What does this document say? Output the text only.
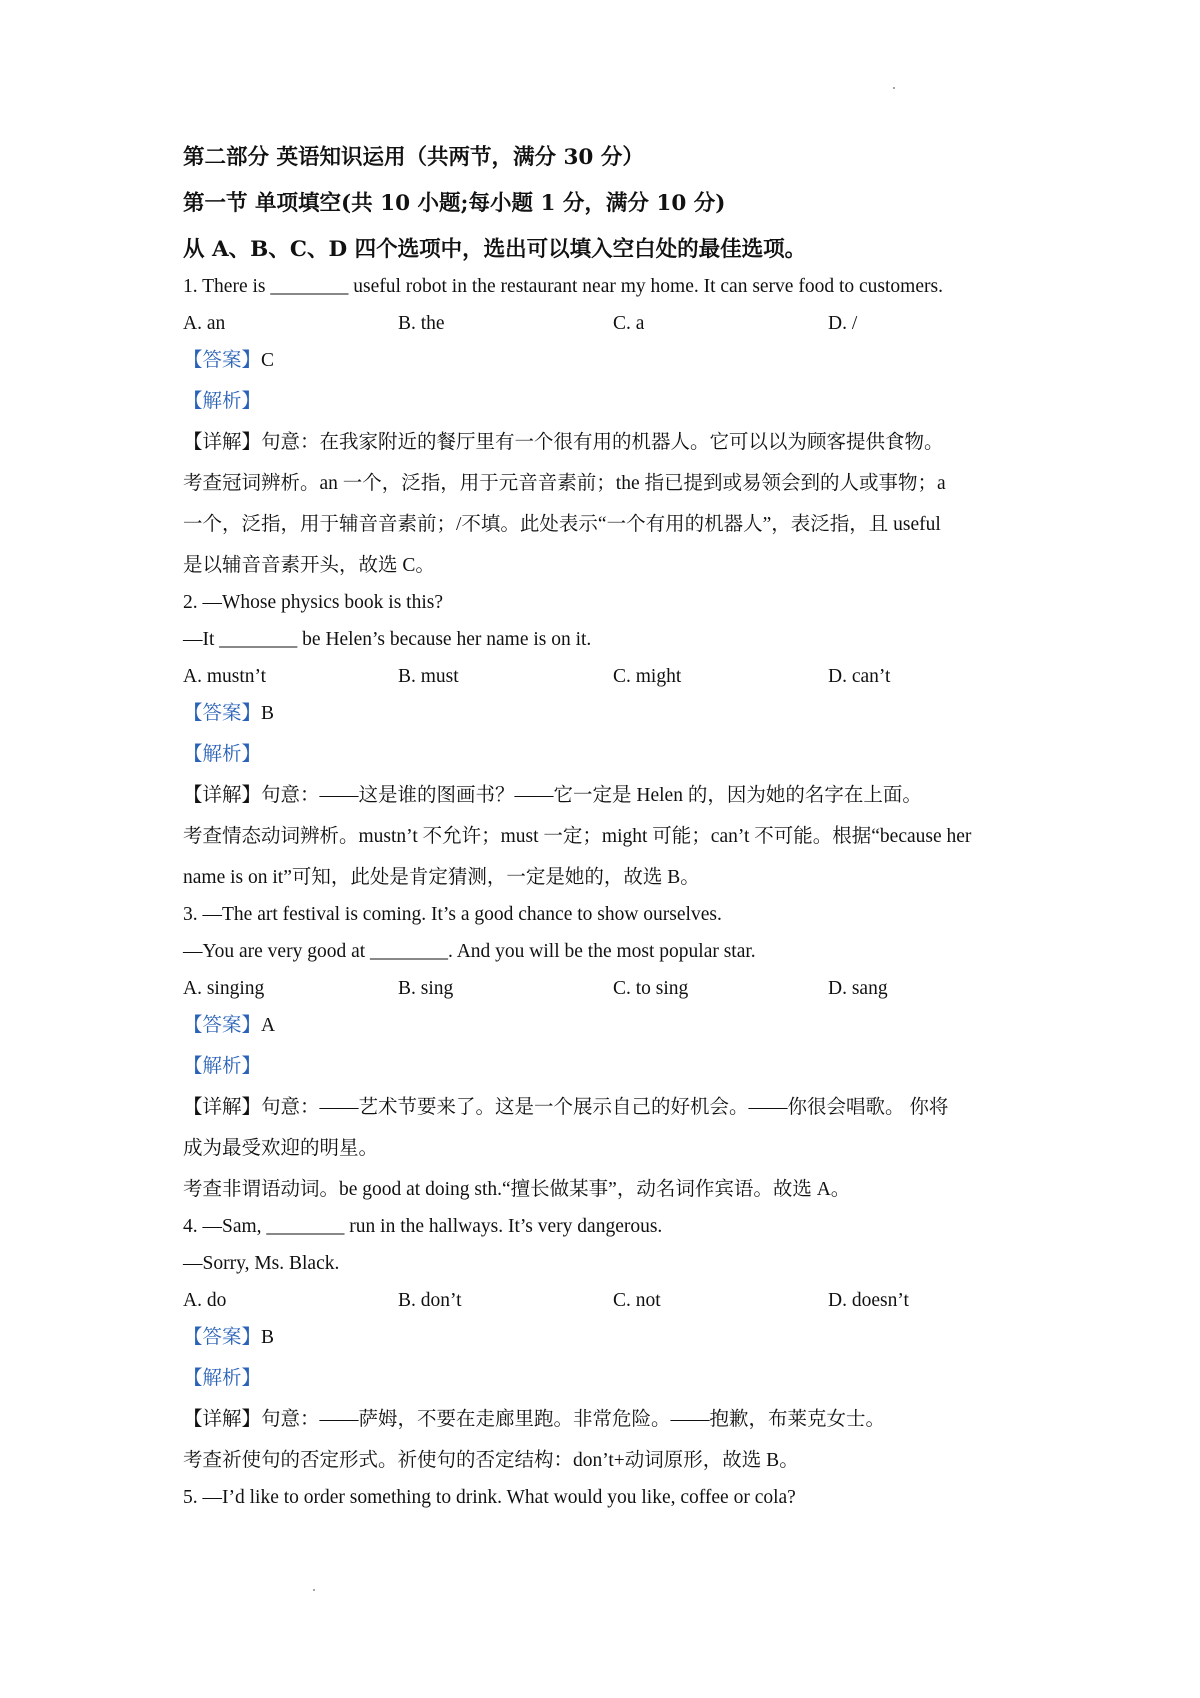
第二部分 英语知识运用（共两节，满分 30 分）
第一节 单项填空(共 10 小题;每小题 1 分，满分 10 分)
从 A、B、C、D 四个选项中，选出可以填入空白处的最佳选项。
1. There is ________ useful robot in the restaurant near my home. It can serve food to customers.
A. an	B. the	C. a	D. /
【答案】C
【解析】
【详解】句意：在我家附近的餐厅里有一个很有用的机器人。它可以以为顾客提供食物。
考查冠词辨析。an 一个，泛指，用于元音音素前；the 指已提到或易领会到的人或事物；a
一个，泛指，用于辅音音素前；/不填。此处表示“一个有用的机器人”，表泛指，且 useful
是以辅音音素开头，故选 C。
2. —Whose physics book is this?
—It ________ be Helen’s because her name is on it.
A. mustn’t	B. must	C. might	D. can’t
【答案】B
【解析】
【详解】句意：——这是谁的图画书？——它一定是 Helen 的，因为她的名字在上面。
考查情态动词辨析。mustn’t 不允许；must 一定；might 可能；can’t 不可能。根据“because her
name is on it”可知，此处是肯定猜测，一定是她的，故选 B。
3. —The art festival is coming. It’s a good chance to show ourselves.
—You are very good at ________. And you will be the most popular star.
A. singing	B. sing	C. to sing	D. sang
【答案】A
【解析】
【详解】句意：——艺术节要来了。这是一个展示自己的好机会。——你很会唱歌。 你将
成为最受欢迎的明星。
考查非谓语动词。be good at doing sth.“擅长做某事”，动名词作宾语。故选 A。
4. —Sam, ________ run in the hallways. It’s very dangerous.
—Sorry, Ms. Black.
A. do	B. don’t	C. not	D. doesn’t
【答案】B
【解析】
【详解】句意：——萨姆，不要在走廊里跑。非常危险。——抱歉，布莱克女士。
考查祈使句的否定形式。祈使句的否定结构：don’t+动词原形，故选 B。
5. —I’d like to order something to drink. What would you like, coffee or cola?
